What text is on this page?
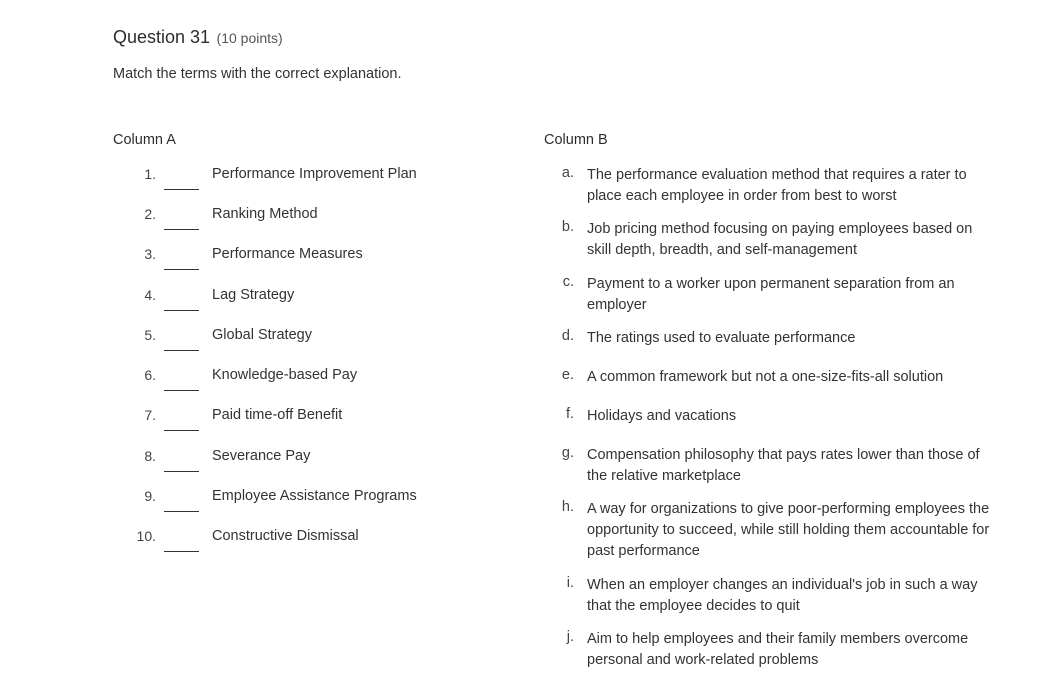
Question 31 (10 points)
Match the terms with the correct explanation.
Column A	Column B
1.	Performance Improvement Plan
2.	Ranking Method
3.	Performance Measures
4.	Lag Strategy
5.	Global Strategy
6.	Knowledge-based Pay
7.	Paid time-off Benefit
8.	Severance Pay
9.	Employee Assistance Programs
10.	Constructive Dismissal
a. The performance evaluation method that requires a rater to place each employee in order from best to worst
b. Job pricing method focusing on paying employees based on skill depth, breadth, and self-management
c. Payment to a worker upon permanent separation from an employer
d. The ratings used to evaluate performance
e. A common framework but not a one-size-fits-all solution
f. Holidays and vacations
g. Compensation philosophy that pays rates lower than those of the relative marketplace
h. A way for organizations to give poor-performing employees the opportunity to succeed, while still holding them accountable for past performance
i. When an employer changes an individual's job in such a way that the employee decides to quit
j. Aim to help employees and their family members overcome personal and work-related problems
